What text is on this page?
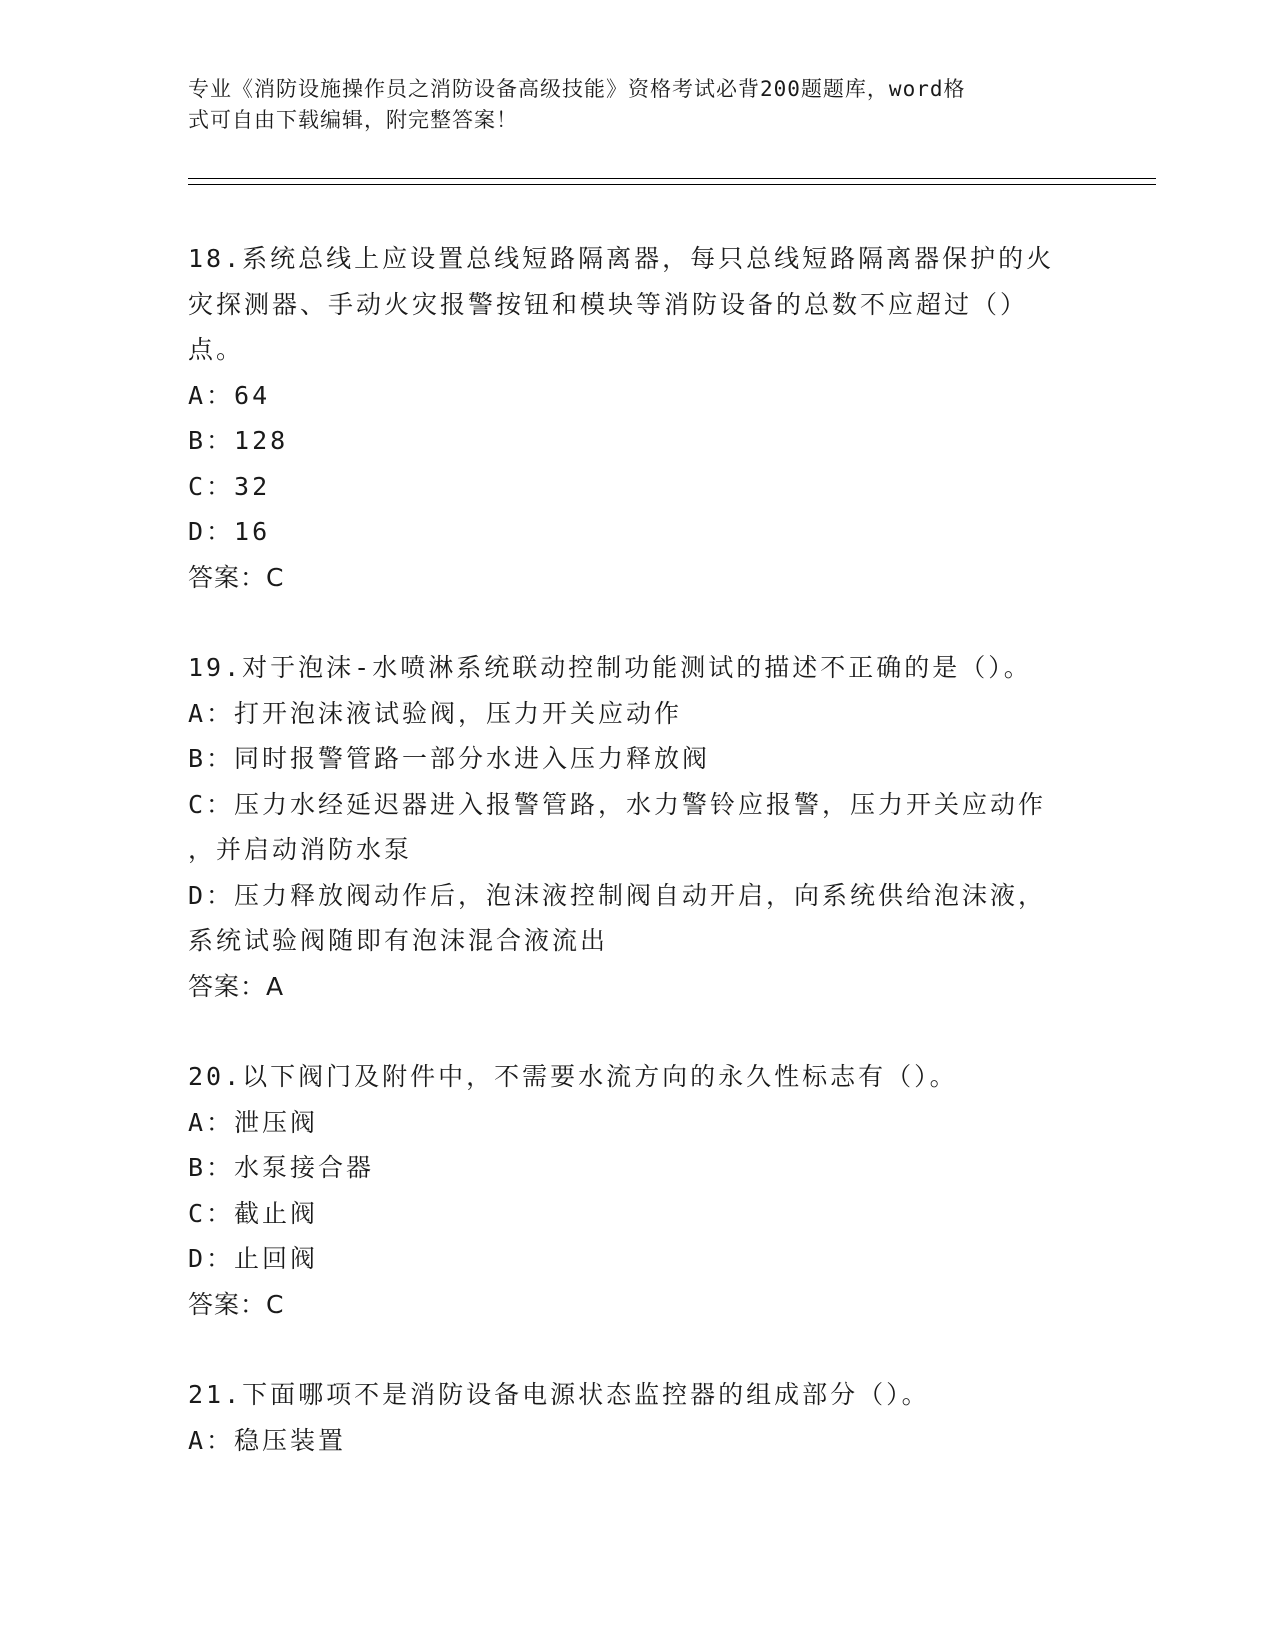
专业《消防设施操作员之消防设备高级技能》资格考试必背200题题库，word格
式可自由下载编辑，附完整答案！
18.系统总线上应设置总线短路隔离器，每只总线短路隔离器保护的火
灾探测器、手动火灾报警按钮和模块等消防设备的总数不应超过（）
点。
A：64
B：128
C：32
D：16
答案：C
19.对于泡沫-水喷淋系统联动控制功能测试的描述不正确的是（）。
A：打开泡沫液试验阀，压力开关应动作
B：同时报警管路一部分水进入压力释放阀
C：压力水经延迟器进入报警管路，水力警铃应报警，压力开关应动作
，并启动消防水泵
D：压力释放阀动作后，泡沫液控制阀自动开启，向系统供给泡沫液，
系统试验阀随即有泡沫混合液流出
答案：A
20.以下阀门及附件中，不需要水流方向的永久性标志有（）。
A：泄压阀
B：水泵接合器
C：截止阀
D：止回阀
答案：C
21.下面哪项不是消防设备电源状态监控器的组成部分（）。
A：稳压装置
